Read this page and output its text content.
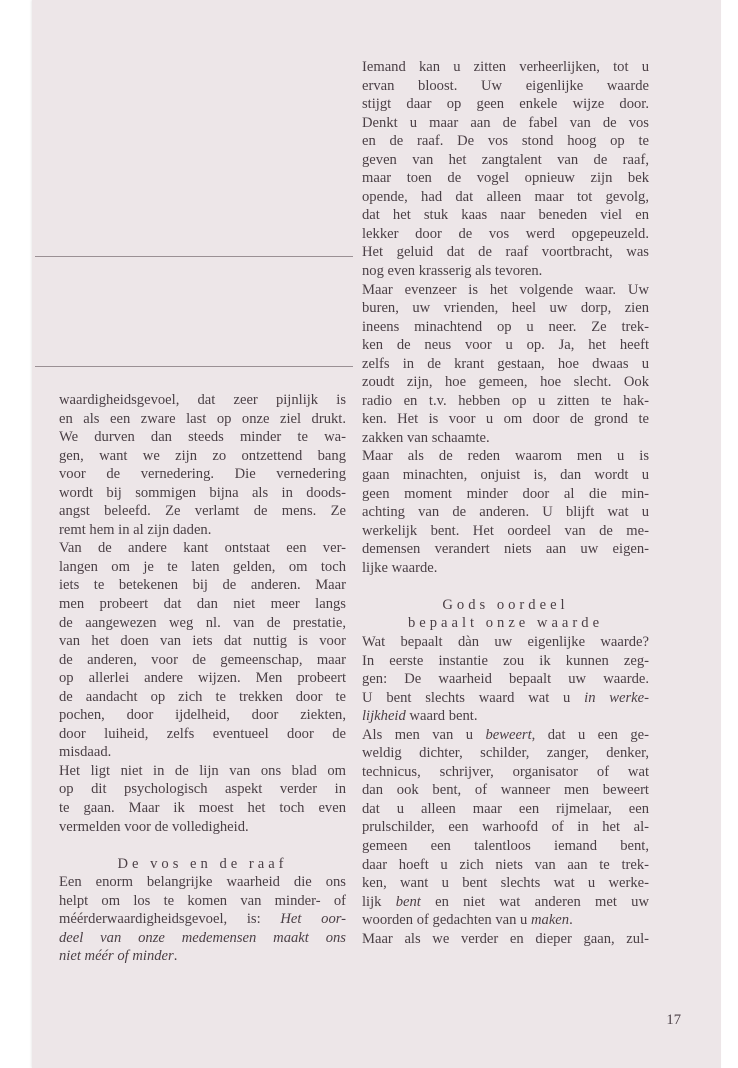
waardigheidsgevoel, dat zeer pijnlijk is
en als een zware last op onze ziel drukt.
We durven dan steeds minder te wa-
gen, want we zijn zo ontzettend bang
voor de vernedering. Die vernedering
wordt bij sommigen bijna als in doods-
angst beleefd. Ze verlamt de mens. Ze
remt hem in al zijn daden.
Van de andere kant ontstaat een ver-
langen om je te laten gelden, om toch
iets te betekenen bij de anderen. Maar
men probeert dat dan niet meer langs
de aangewezen weg nl. van de prestatie,
van het doen van iets dat nuttig is voor
de anderen, voor de gemeenschap, maar
op allerlei andere wijzen. Men probeert
de aandacht op zich te trekken door te
pochen, door ijdelheid, door ziekten,
door luiheid, zelfs eventueel door de
misdaad.
Het ligt niet in de lijn van ons blad om
op dit psychologisch aspekt verder in
te gaan. Maar ik moest het toch even
vermelden voor de volledigheid.
De vos en de raaf
Een enorm belangrijke waarheid die ons
helpt om los te komen van minder- of
méérderwaardigheidsgevoel, is: Het oor-
deel van onze medemensen maakt ons
niet méér of minder.
Iemand kan u zitten verheerlijken, tot u
ervan bloost. Uw eigenlijke waarde
stijgt daar op geen enkele wijze door.
Denkt u maar aan de fabel van de vos
en de raaf. De vos stond hoog op te
geven van het zangtalent van de raaf,
maar toen de vogel opnieuw zijn bek
opende, had dat alleen maar tot gevolg,
dat het stuk kaas naar beneden viel en
lekker door de vos werd opgepeuzeld.
Het geluid dat de raaf voortbracht, was
nog even krasserig als tevoren.
Maar evenzeer is het volgende waar. Uw
buren, uw vrienden, heel uw dorp, zien
ineens minachtend op u neer. Ze trek-
ken de neus voor u op. Ja, het heeft
zelfs in de krant gestaan, hoe dwaas u
zoudt zijn, hoe gemeen, hoe slecht. Ook
radio en t.v. hebben op u zitten te hak-
ken. Het is voor u om door de grond te
zakken van schaamte.
Maar als de reden waarom men u is
gaan minachten, onjuist is, dan wordt u
geen moment minder door al die min-
achting van de anderen. U blijft wat u
werkelijk bent. Het oordeel van de me-
demensen verandert niets aan uw eigen-
lijke waarde.
Gods oordeel
bepaalt onze waarde
Wat bepaalt dàn uw eigenlijke waarde?
In eerste instantie zou ik kunnen zeg-
gen: De waarheid bepaalt uw waarde.
U bent slechts waard wat u in werke-
lijkheid waard bent.
Als men van u beweert, dat u een ge-
weldig dichter, schilder, zanger, denker,
technicus, schrijver, organisator of wat
dan ook bent, of wanneer men beweert
dat u alleen maar een rijmelaar, een
prulschilder, een warhoofd of in het al-
gemeen een talentloos iemand bent,
daar hoeft u zich niets van aan te trek-
ken, want u bent slechts wat u werke-
lijk bent en niet wat anderen met uw
woorden of gedachten van u maken.
Maar als we verder en dieper gaan, zul-
17
